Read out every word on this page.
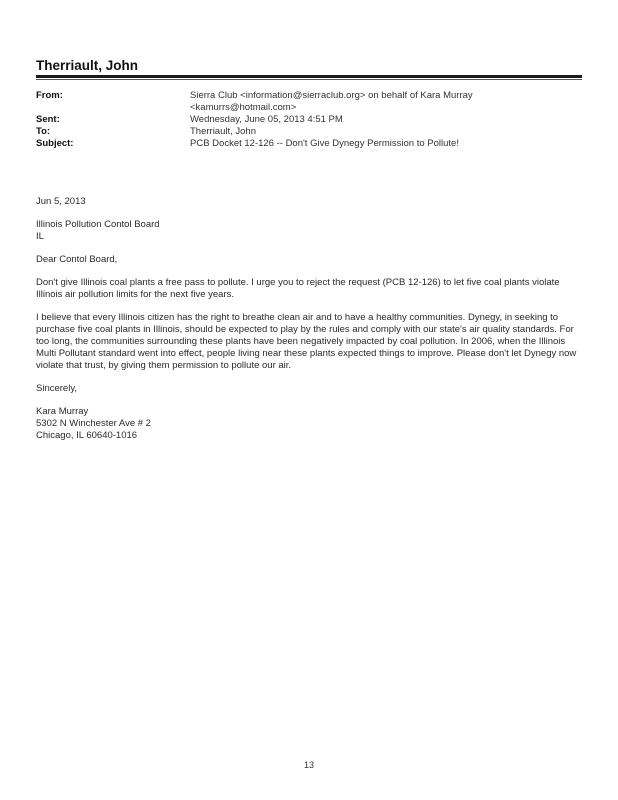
Therriault, John
From:	Sierra Club <information@sierraclub.org> on behalf of Kara Murray
<kamurrs@hotmail.com>
Sent:	Wednesday, June 05, 2013 4:51 PM
To:	Therriault, John
Subject:	PCB Docket 12-126 -- Don't Give Dynegy Permission to Pollute!

Jun 5, 2013

Illinois Pollution Contol Board

IL

Dear Contol Board,

Don't give Illinois coal plants a free pass to pollute. I urge you to reject the request (PCB 12-126) to let five coal plants violate Illinois air pollution limits for the next five years.

I believe that every Illinois citizen has the right to breathe clean air and to have a healthy communities. Dynegy, in seeking to purchase five coal plants in Illinois, should be expected to play by the rules and comply with our state's air quality standards. For too long, the communities surrounding these plants have been negatively impacted by coal pollution. In 2006, when the Illinois Multi Pollutant standard went into effect, people living near these plants expected things to improve. Please don't let Dynegy now violate that trust, by giving them permission to pollute our air.

Sincerely,

Kara Murray

5302 N Winchester Ave # 2

Chicago, IL 60640-1016

13
